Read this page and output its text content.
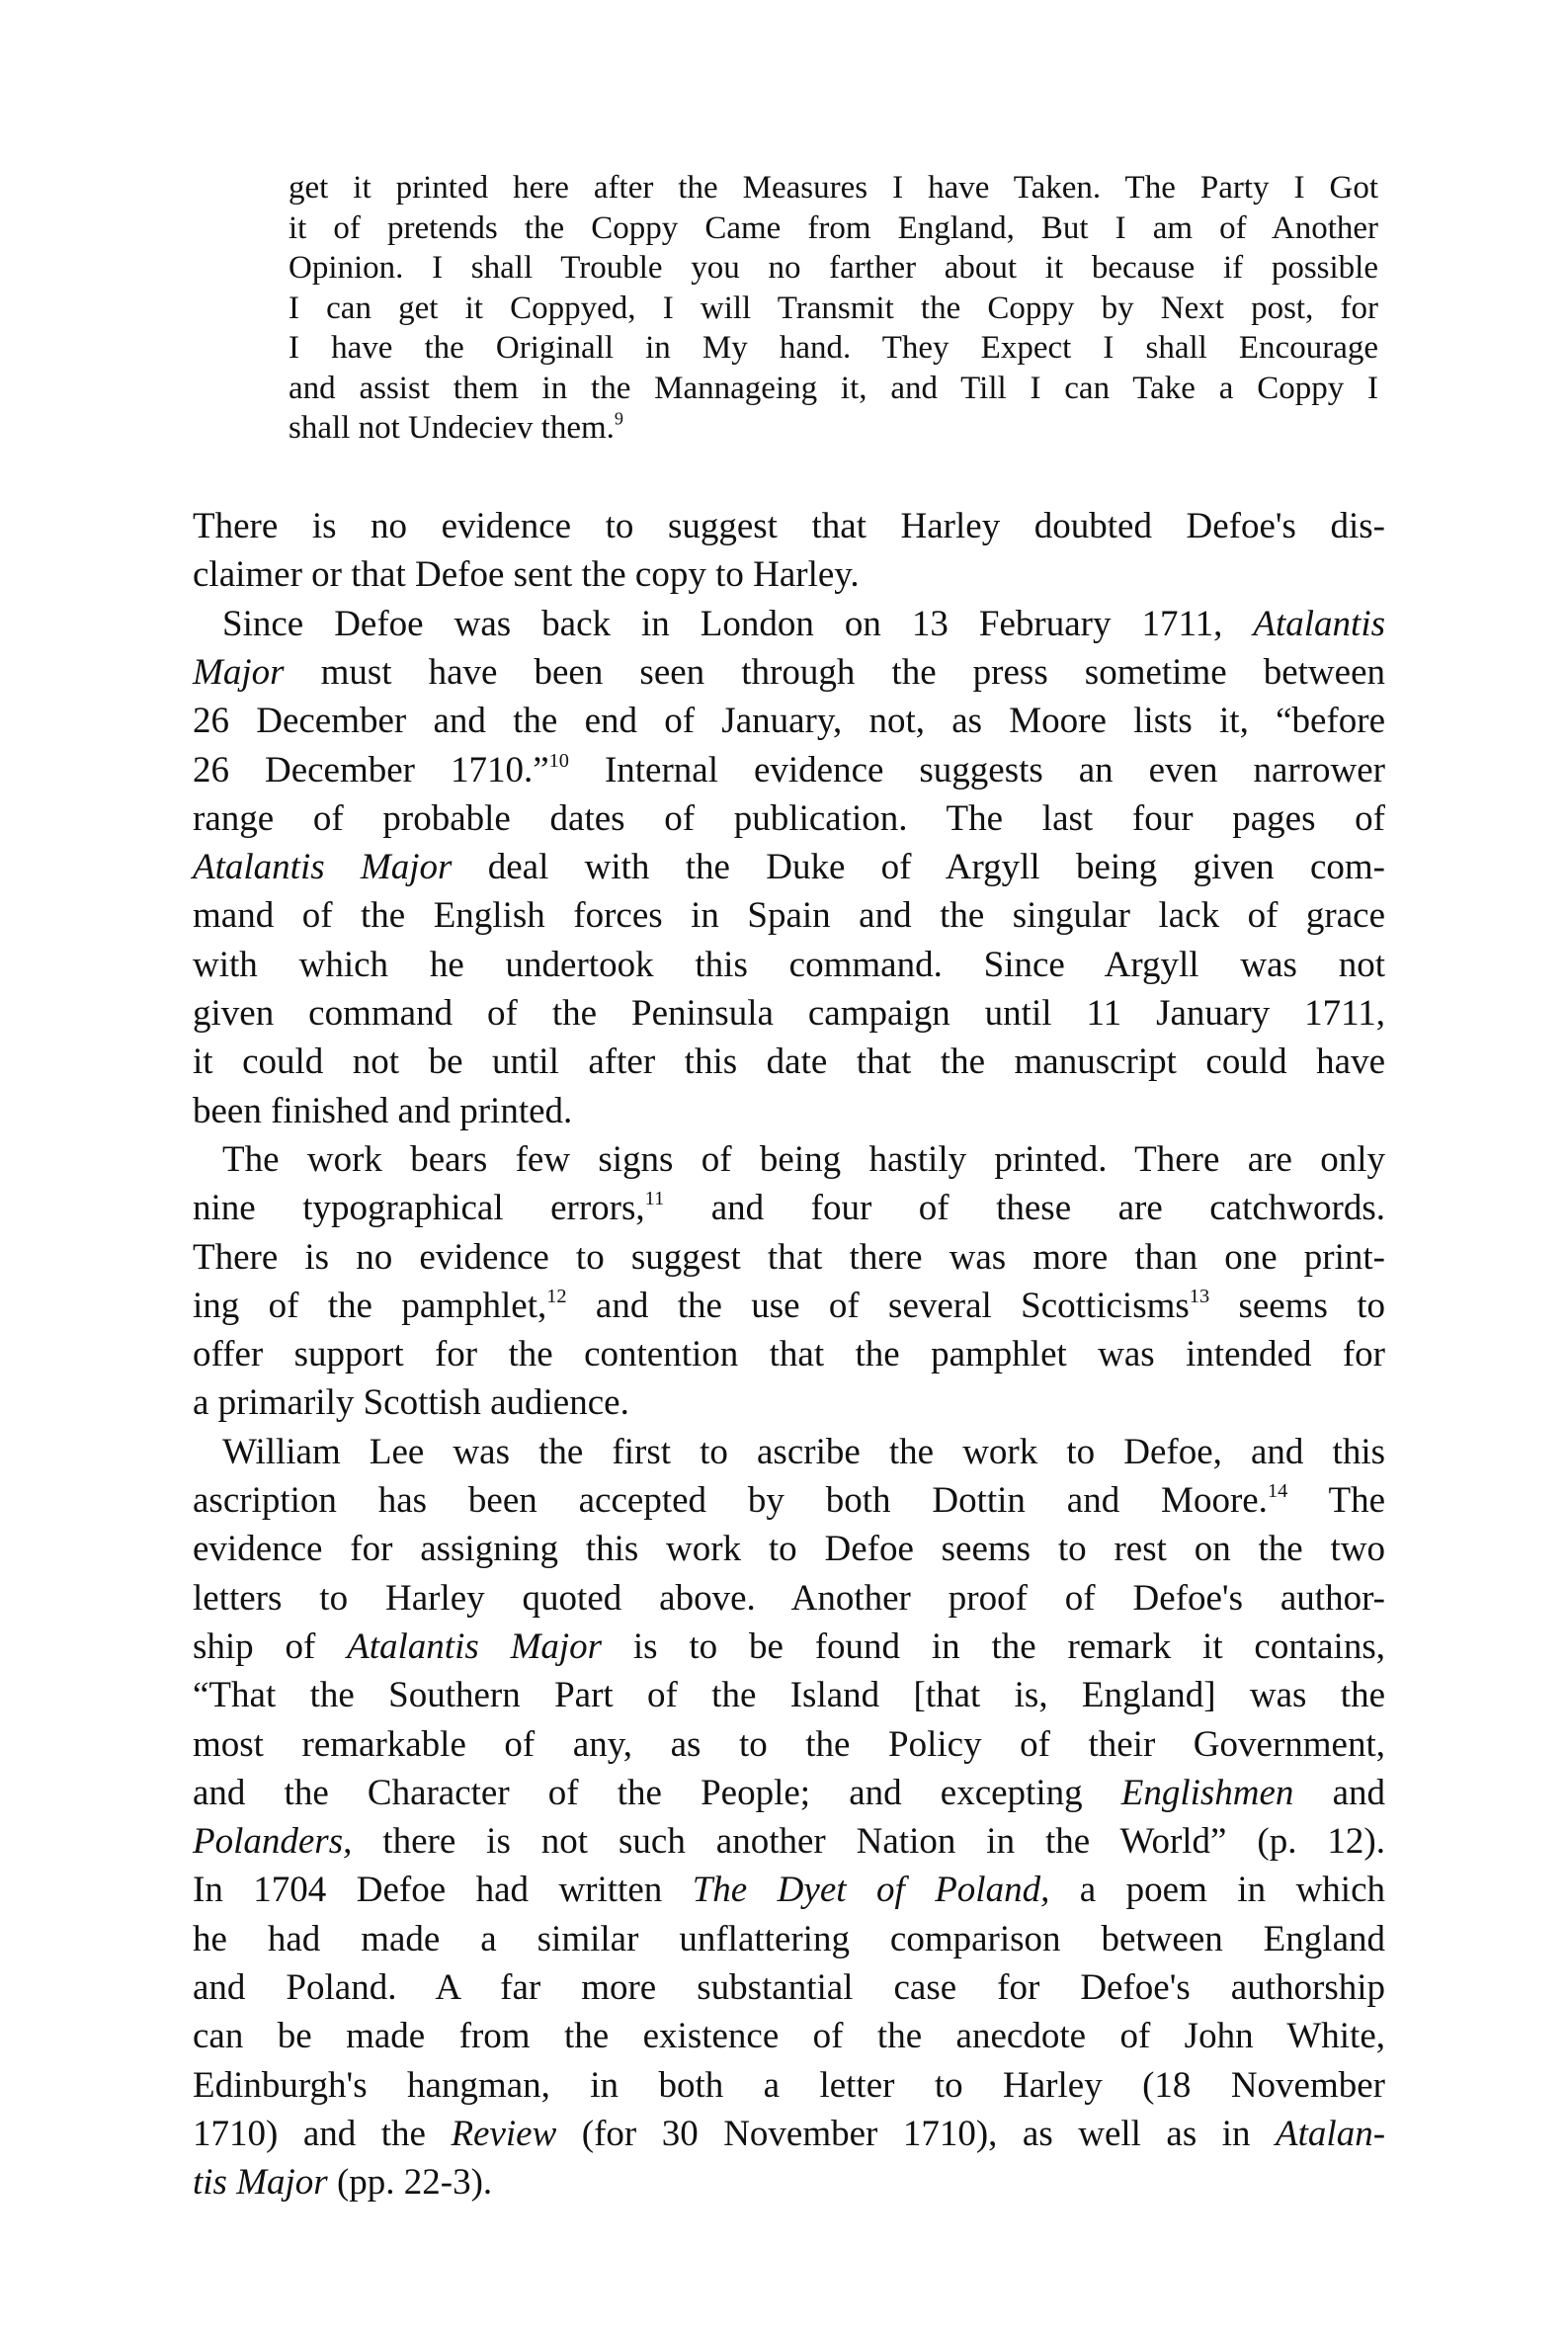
get it printed here after the Measures I have Taken. The Party I Got
it of pretends the Coppy Came from England, But I am of Another
Opinion. I shall Trouble you no farther about it because if possible
I can get it Coppyed, I will Transmit the Coppy by Next post, for
I have the Originall in My hand. They Expect I shall Encourage
and assist them in the Mannageing it, and Till I can Take a Coppy I
shall not Undeciev them.$^9$
There is no evidence to suggest that Harley doubted Defoe's dis-
claimer or that Defoe sent the copy to Harley.
Since Defoe was back in London on 13 February 1711, Atalantis
Major must have been seen through the press sometime between
26 December and the end of January, not, as Moore lists it, “before
26 December 1710.”$^{10}$ Internal evidence suggests an even narrower
range of probable dates of publication. The last four pages of
Atalantis Major deal with the Duke of Argyll being given com-
mand of the English forces in Spain and the singular lack of grace
with which he undertook this command. Since Argyll was not
given command of the Peninsula campaign until 11 January 1711,
it could not be until after this date that the manuscript could have
been finished and printed.
The work bears few signs of being hastily printed. There are only
nine typographical errors,$^{11}$ and four of these are catchwords.
There is no evidence to suggest that there was more than one print-
ing of the pamphlet,$^{12}$ and the use of several Scotticisms$^{13}$ seems to
offer support for the contention that the pamphlet was intended for
a primarily Scottish audience.
William Lee was the first to ascribe the work to Defoe, and this
ascription has been accepted by both Dottin and Moore.$^{14}$ The
evidence for assigning this work to Defoe seems to rest on the two
letters to Harley quoted above. Another proof of Defoe's author-
ship of Atalantis Major is to be found in the remark it contains,
“That the Southern Part of the Island [that is, England] was the
most remarkable of any, as to the Policy of their Government,
and the Character of the People; and excepting Englishmen and
Polanders, there is not such another Nation in the World” (p. 12).
In 1704 Defoe had written The Dyet of Poland, a poem in which
he had made a similar unflattering comparison between England
and Poland. A far more substantial case for Defoe's authorship
can be made from the existence of the anecdote of John White,
Edinburgh's hangman, in both a letter to Harley (18 November
1710) and the Review (for 30 November 1710), as well as in Atalan-
tis Major (pp. 22-3).
